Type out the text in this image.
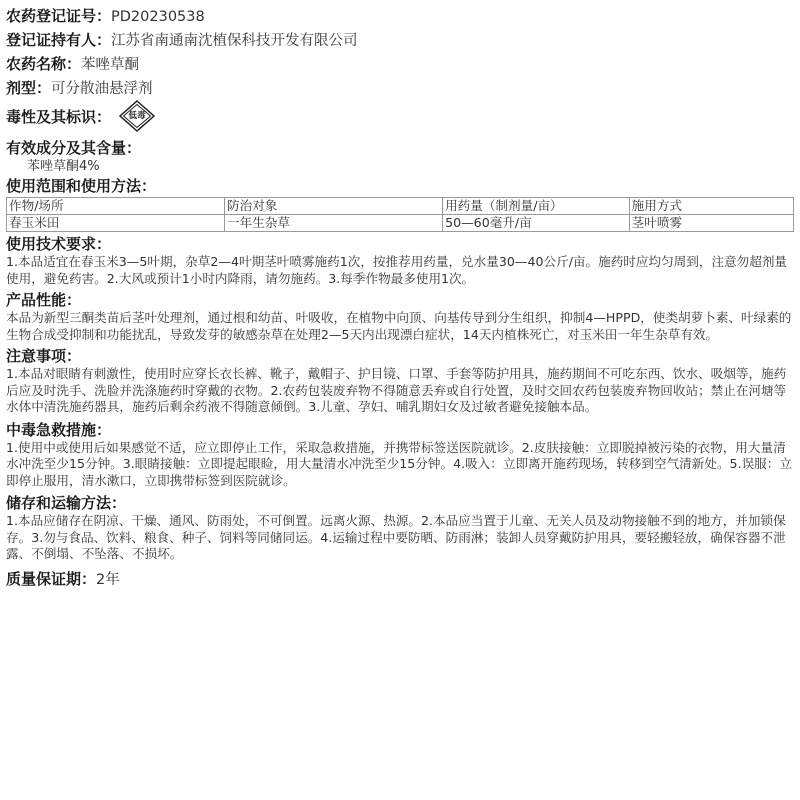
农药登记证号：PD20230538
登记证持有人：江苏省南通南沈植保科技开发有限公司
农药名称：苯唑草酮
剂型：可分散油悬浮剂
毒性及其标识：	低毒
有效成分及其含量：
苯唑草酮4%
使用范围和使用方法：
作物/场所	防治对象	用药量（制剂量/亩）	施用方式
春玉米田	一年生杂草	50—60毫升/亩	茎叶喷雾
使用技术要求：
1.本品适宜在春玉米3—5叶期，杂草2—4叶期茎叶喷雾施药1次，按推荐用药量，兑水量30—40公斤/亩。施药时应均匀周到，注意勿超剂量使用，避免药害。2.大风或预计1小时内降雨，请勿施药。3.每季作物最多使用1次。
产品性能：
本品为新型三酮类苗后茎叶处理剂，通过根和幼苗、叶吸收，在植物中向顶、向基传导到分生组织，抑制4—HPPD，使类胡萝卜素、叶绿素的生物合成受抑制和功能扰乱，导致发芽的敏感杂草在处理2—5天内出现漂白症状，14天内植株死亡，对玉米田一年生杂草有效。
注意事项：
1.本品对眼睛有刺激性，使用时应穿长衣长裤、靴子，戴帽子、护目镜、口罩、手套等防护用具，施药期间不可吃东西、饮水、吸烟等，施药后应及时洗手、洗脸并洗涤施药时穿戴的衣物。2.农药包装废弃物不得随意丢弃或自行处置，及时交回农药包装废弃物回收站；禁止在河塘等水体中清洗施药器具，施药后剩余药液不得随意倾倒。3.儿童、孕妇、哺乳期妇女及过敏者避免接触本品。
中毒急救措施：
1.使用中或使用后如果感觉不适，应立即停止工作，采取急救措施，并携带标签送医院就诊。2.皮肤接触：立即脱掉被污染的衣物，用大量清水冲洗至少15分钟。3.眼睛接触：立即提起眼睑，用大量清水冲洗至少15分钟。4.吸入：立即离开施药现场，转移到空气清新处。5.误服：立即停止服用，清水漱口，立即携带标签到医院就诊。
储存和运输方法：
1.本品应储存在阴凉、干燥、通风、防雨处，不可倒置。远离火源、热源。2.本品应当置于儿童、无关人员及动物接触不到的地方，并加锁保存。3.勿与食品、饮料、粮食、种子、饲料等同储同运。4.运输过程中要防晒、防雨淋；装卸人员穿戴防护用具，要轻搬轻放，确保容器不泄露、不倒塌、不坠落、不损坏。
质量保证期：2年
